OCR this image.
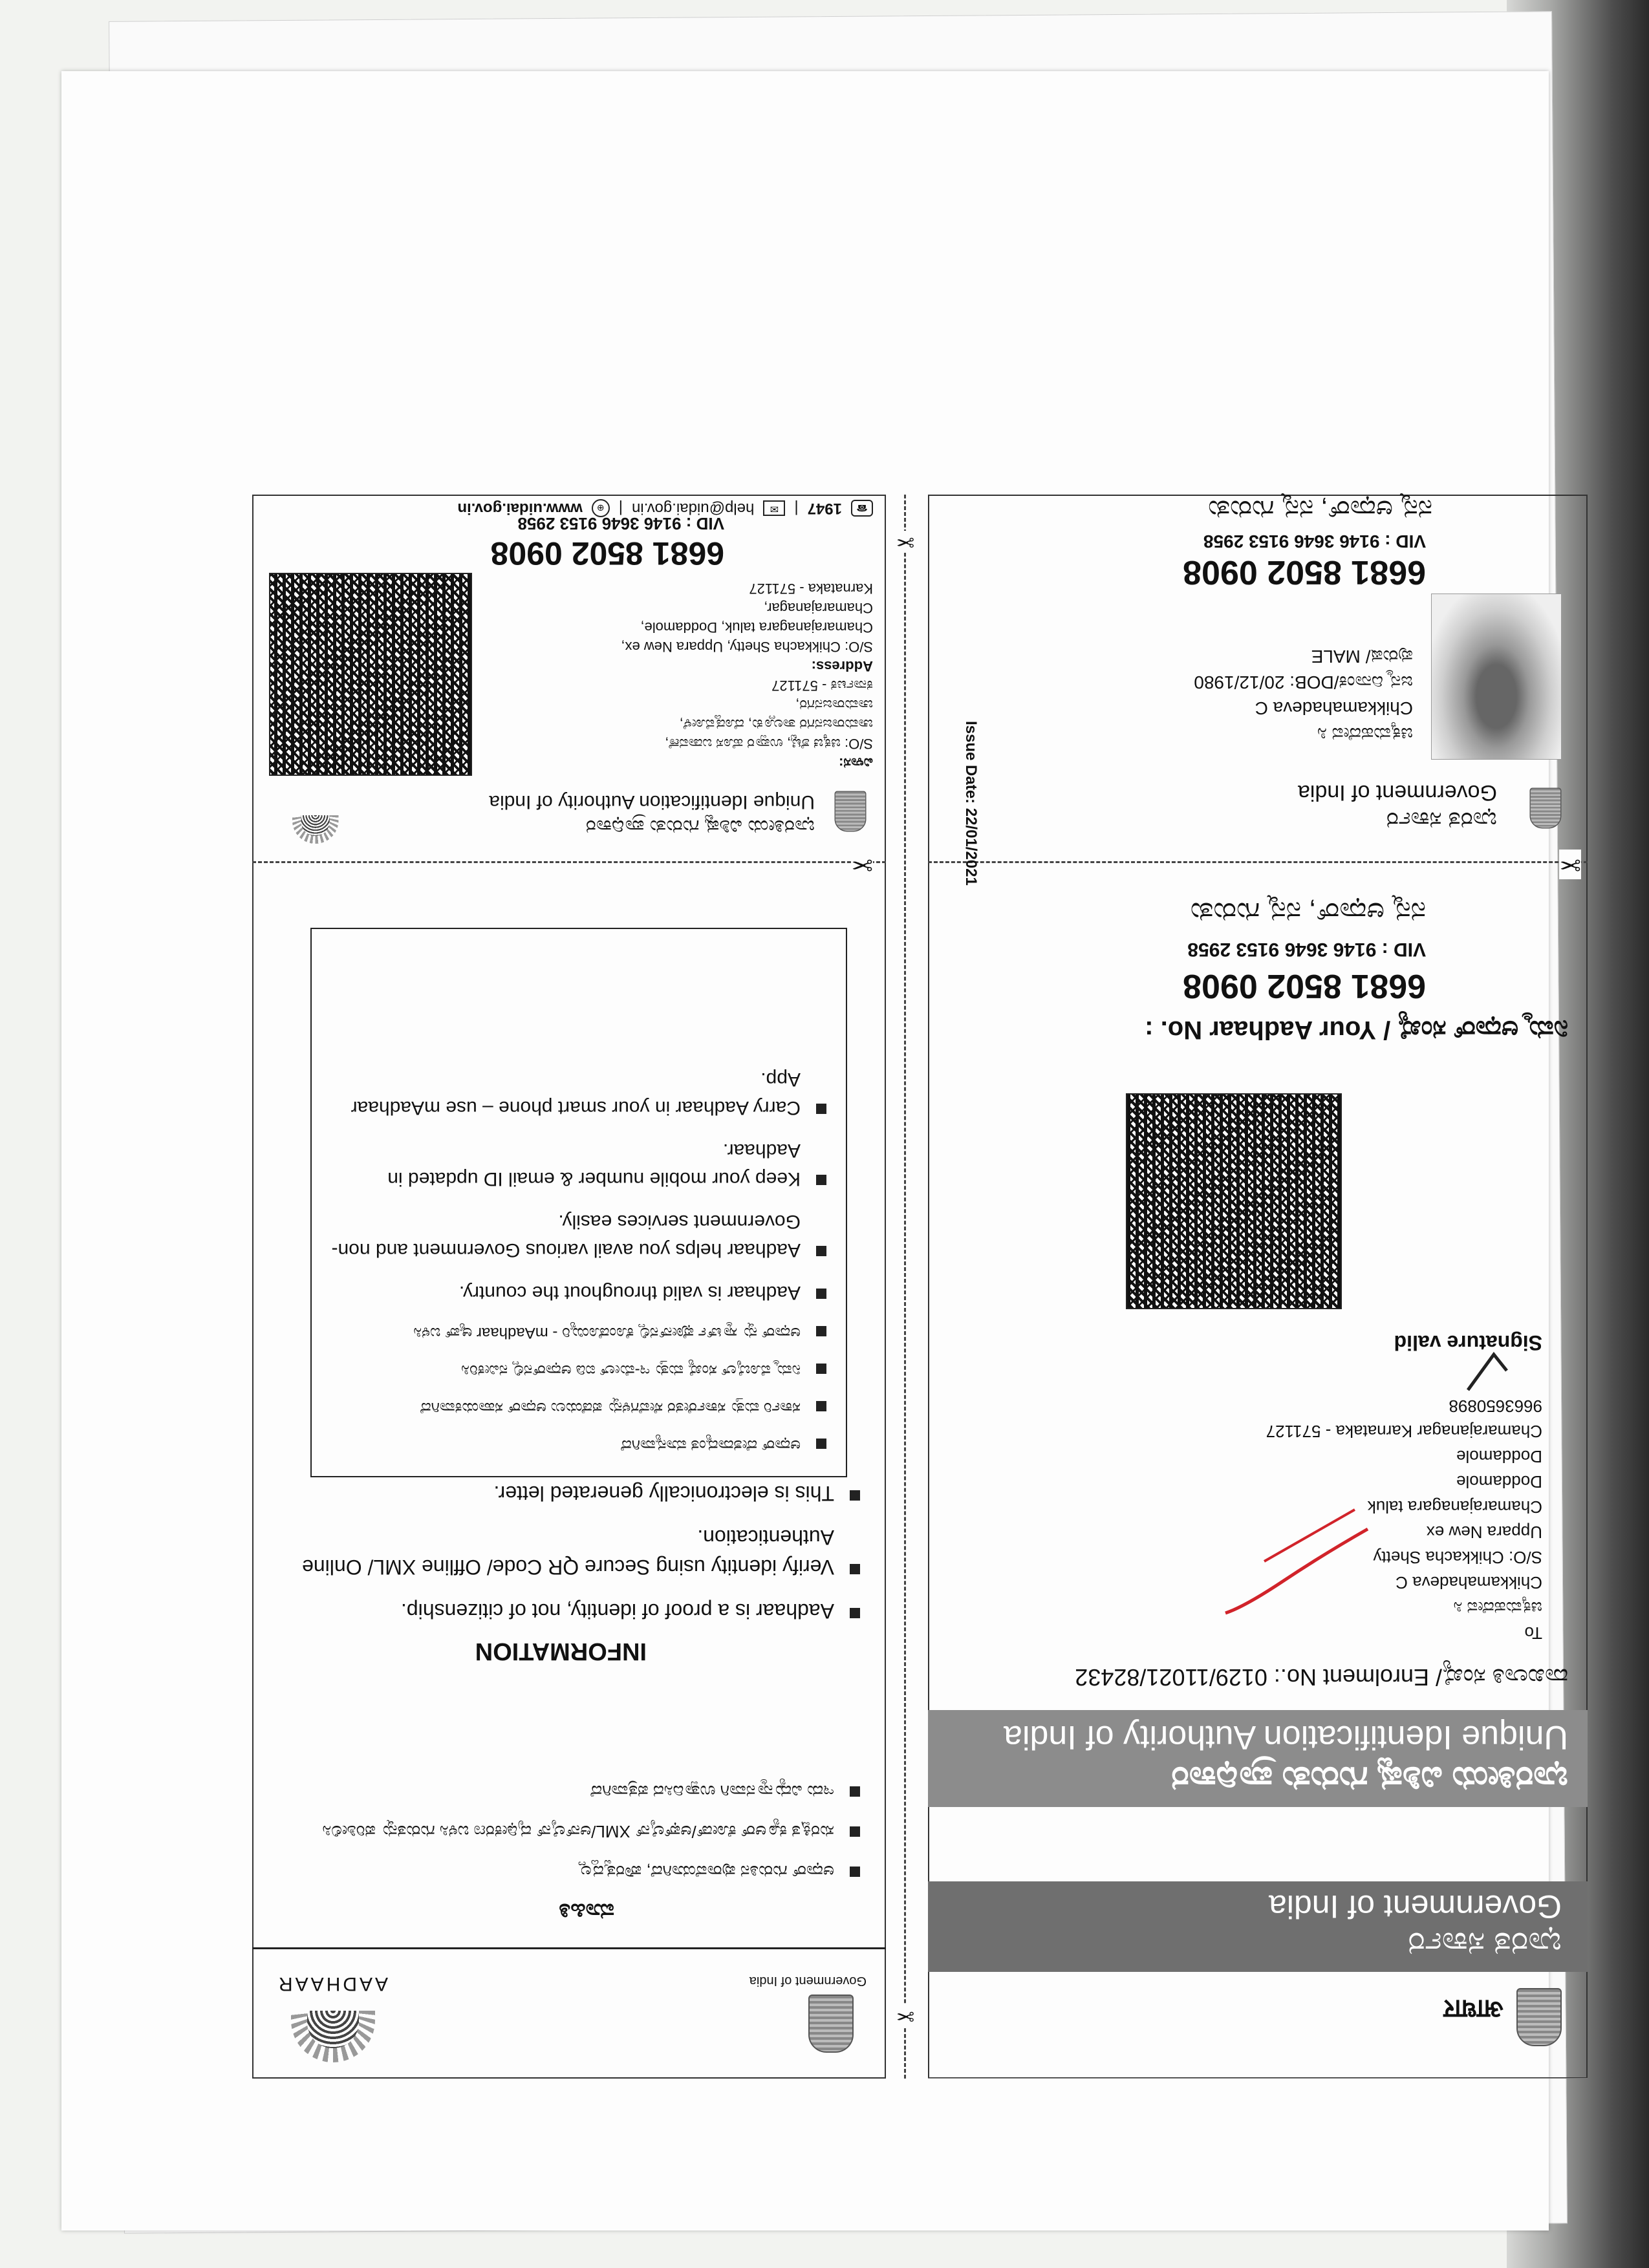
आधार
ಭಾರತ ಸರ್ಕಾರ
Government of India
ಭಾರತೀಯ ವಿಶಿಷ್ಟ ಗುರುತು ಪ್ರಾಧಿಕಾರ
Unique Identification Authority of India
ದಾಖಲಾತಿ ಸಂಖ್ಯೆ/ Enrolment No.: 0129/11021/82432
To
ಚಿಕ್ಕಮಹದೇವ ಸಿ
Chikkamahadeva C
S/O: Chikkacha Shetty
Uppara New ex
Chamarajanagara taluk
Doddamole
Doddamole
Chamarajanagar Karnataka - 571127
9663650898
Signature valid
ನಿಮ್ಮ ಆಧಾರ್ ಸಂಖ್ಯೆ / Your Aadhaar No. :
6681 8502 0908
VID : 9146 3646 9153 2958
ನನ್ನ ಆಧಾರ್, ನನ್ನ ಗುರುತು
✂
ಭಾರತ ಸರ್ಕಾರ
Government of India
ಚಿಕ್ಕಮಹದೇವ ಸಿ
Chikkamahadeva C
ಜನ್ಮ ದಿನಾಂಕ/DOB: 20/12/1980
ಪುರುಷ/ MALE
Issue Date: 22/01/2021
6681 8502 0908
VID : 9146 3646 9153 2958
ನನ್ನ ಆಧಾರ್, ನನ್ನ ಗುರುತು
✂
✂
Government of India
AADHAAR
ಮಾಹಿತಿ
ಆಧಾರ್ ಗುರುತಿನ ಪುರಾವೆಯಾಗಿದೆ, ಪೌರತ್ವದ್ದಲ್ಲ
ಸುರಕ್ಷಿತ ಕ್ಯೂಆರ್ ಕೋಡ್/ಆಫ್‌ಲೈನ್ XML/ಆನ್‌ಲೈನ್ ದೃಢೀಕರಣ ಬಳಸಿ ಗುರುತನ್ನು ಪರಿಶೀಲಿಸಿ
ಇದು ವಿದ್ಯುನ್ಮಾನವಾಗಿ ಉತ್ಪಾದಿಸಿದ ಪತ್ರವಾಗಿದೆ
INFORMATION
Aadhaar is a proof of identity, not of citizenship.
Verify identity using Secure QR Code/ Offline XML/ Online Authentication.
This is electronically generated letter.
ಆಧಾರ್ ದೇಶದಾದ್ಯಂತ ಮಾನ್ಯವಾಗಿದೆ
ಸರ್ಕಾರಿ ಮತ್ತು ಸರ್ಕಾರೇತರ ಸೇವೆಗಳನ್ನು ಪಡೆಯಲು ಆಧಾರ್ ಸಹಾಯಕವಾಗಿದೆ
ನಿಮ್ಮ ಮೊಬೈಲ್ ಸಂಖ್ಯೆ ಮತ್ತು ಇ-ಮೇಲ್ ಐಡಿ ಆಧಾರ್‌ನಲ್ಲಿ ನವೀಕರಿಸಿ
ಆಧಾರ್ ನ್ನು ಸ್ಮಾರ್ಟ್ ಫೋನ್‌ನಲ್ಲಿ ಕೊಂಡೊಯ್ಯಿರಿ - mAadhaar ಆ್ಯಪ್ ಬಳಸಿ
Aadhaar is valid throughout the country.
Aadhaar helps you avail various Government and non-Government services easily.
Keep your mobile number & email ID updated in Aadhaar.
Carry Aadhaar in your smart phone – use mAadhaar App.
✂
ಭಾರತೀಯ ವಿಶಿಷ್ಟ ಗುರುತು ಪ್ರಾಧಿಕಾರ
Unique Identification Authority of India
ವಿಳಾಸ:
S/O: ಚಿಕ್ಕಚ ಶೆಟ್ಟಿ, ಉಪ್ಪಾರ ಹೊಸ ಬಡಾವಣೆ,
ಚಾಮರಾಜನಗರ ತಾಲ್ಲೂಕು, ದೊಡ್ಡಮೋಳೆ,
ಚಾಮರಾಜನಗರ,
ಕರ್ನಾಟಕ - 571127
Address:
S/O: Chikkacha Shetty, Uppara New ex,
Chamarajanagara taluk, Doddamole,
Chamarajanagar,
Karnataka - 571127
6681 8502 0908
VID : 9146 3646 9153 2958
☎
1947
|
✉
help@uidai.gov.in
|
⊕
www.uidai.gov.in
